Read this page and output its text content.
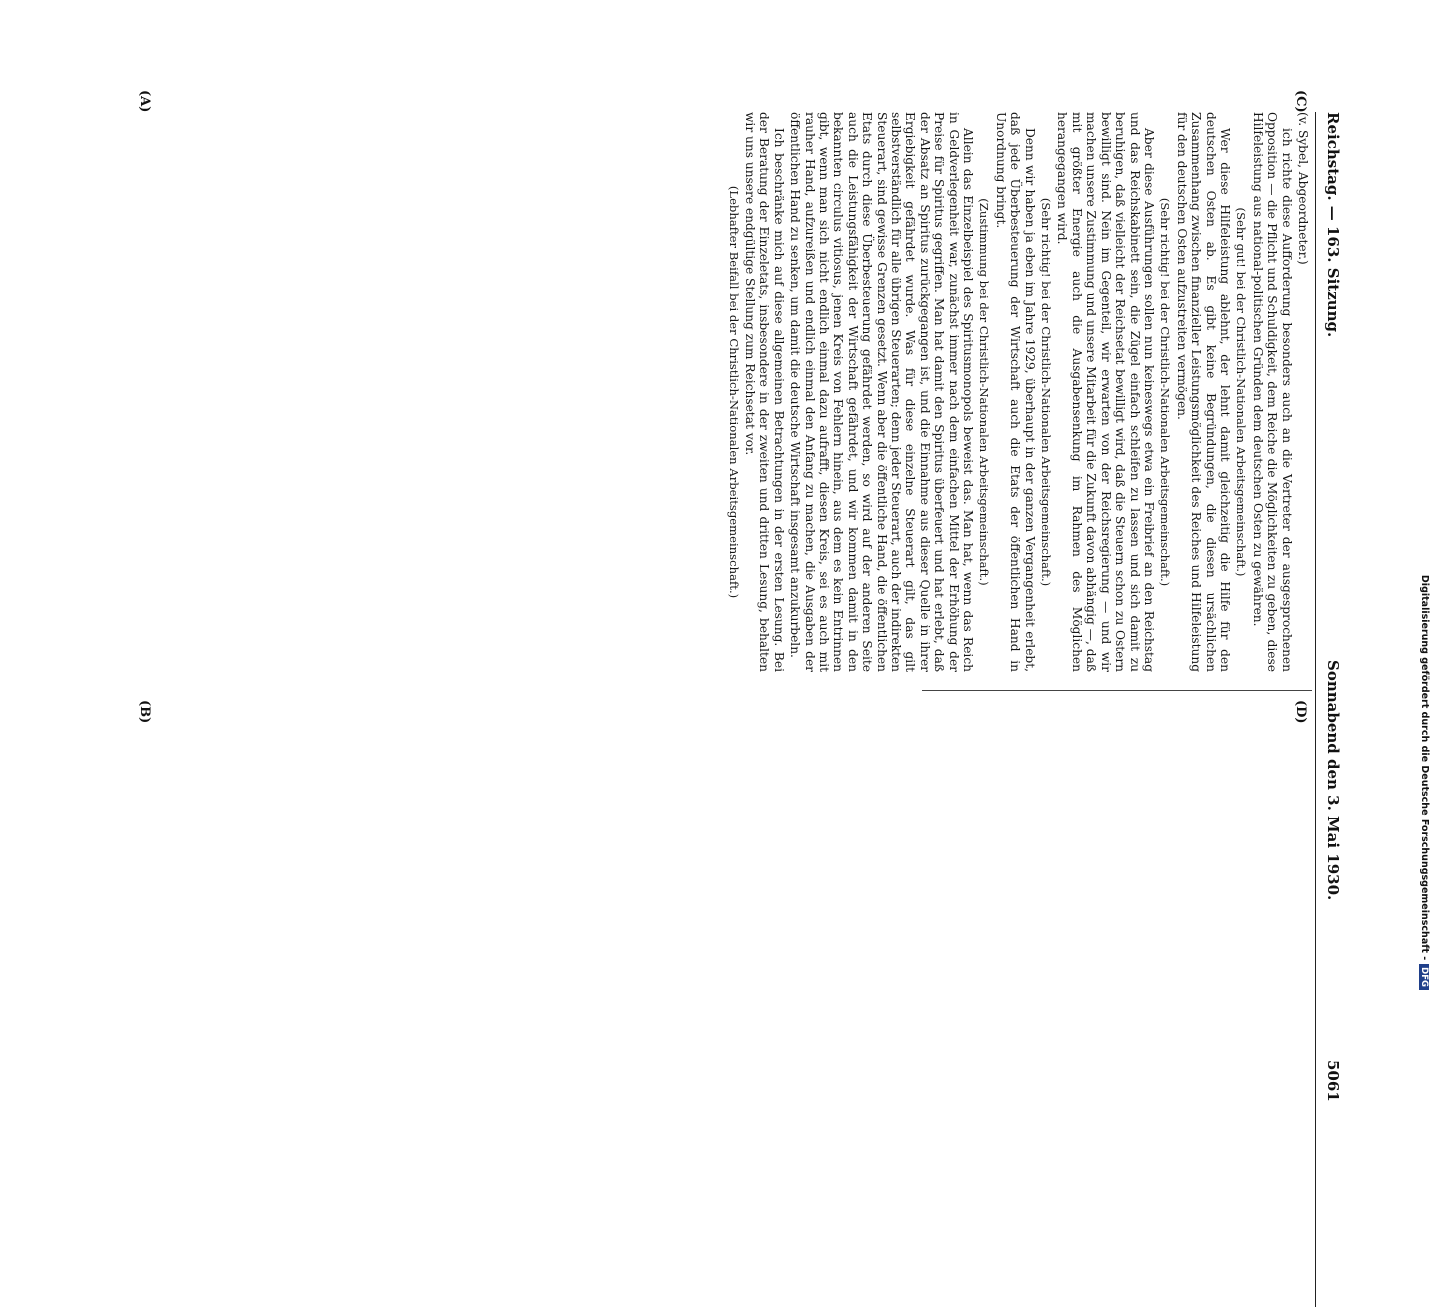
Reichstag. — 163. Sitzung.
Sonnabend den 3. Mai 1930.
5061
(A)
(B)
(C)
(D)

(v. Sybel, Abgeordneter.)

ich richte diese Aufforderung besonders auch an die Vertreter der ausgesprochenen Opposition — die Pflicht und Schuldigkeit, dem Reiche die Möglichkeiten zu geben, diese Hilfeleistung aus national-politischen Gründen dem deutschen Osten zu gewähren.

(Sehr gut! bei der Christlich-Nationalen Arbeitsgemeinschaft.)

Wer diese Hilfeleistung ablehnt, der lehnt damit gleichzeitig die Hilfe für den deutschen Osten ab. Es gibt keine Begründungen, die diesen ursächlichen Zusammenhang zwischen finanzieller Leistungsmöglichkeit des Reiches und Hilfeleistung für den deutschen Osten aufzustreiten vermögen.

(Sehr richtig! bei der Christlich-Nationalen Arbeitsgemeinschaft.)

Aber diese Ausführungen sollen nun keineswegs etwa ein Freibrief an den Reichstag und das Reichskabinett sein, die Zügel einfach schleifen zu lassen und sich damit zu beruhigen, daß vielleicht der Reichsetat bewilligt wird, daß die Steuern schon zu Ostern bewilligt sind. Nein im Gegenteil, wir erwarten von der Reichsregierung — und wir machen unsere Zustimmung und unsere Mitarbeit für die Zukunft davon abhängig —, daß mit größter Energie auch die Ausgabensenkung im Rahmen des Möglichen herangegangen wird.

(Sehr richtig! bei der Christlich-Nationalen Arbeitsgemeinschaft.)

Denn wir haben ja eben im Jahre 1929, überhaupt in der ganzen Vergangenheit erlebt, daß jede Überbesteuerung der Wirtschaft auch die Etats der öffentlichen Hand in Unordnung bringt.

(Zustimmung bei der Christlich-Nationalen Arbeitsgemeinschaft.)

Allein das Einzelbeispiel des Spiritusmonopols beweist das. Man hat, wenn das Reich in Geldverlegenheit war, zunächst immer nach dem einfachen Mittel der Erhöhung der Preise für Spiritus gegriffen. Man hat damit den Spiritus überfeuert und hat erlebt, daß der Absatz an Spiritus zurückgegangen ist, und die Einnahme aus dieser Quelle in ihrer Ergiebigkeit gefährdet wurde. Was für diese einzelne Steuerart gilt, das gilt selbstverständlich für alle übrigen Steuerarten; denn jeder Steuerart, auch der indirekten Steuerart, sind gewisse Grenzen gesetzt. Wenn aber die öffentliche Hand, die öffentlichen Etats durch diese Überbesteuerung gefährdet werden, so wird auf der anderen Seite auch die Leistungsfähigkeit der Wirtschaft gefährdet, und wir kommen damit in den bekannten circulus vitiosus, jenen Kreis von Fehlern hinein, aus dem es kein Entrinnen gibt, wenn man sich nicht endlich einmal dazu aufrafft, diesen Kreis, sei es auch mit rauher Hand, aufzureißen und endlich einmal den Anfang zu machen, die Ausgaben der öffentlichen Hand zu senken, um damit die deutsche Wirtschaft insgesamt anzukurbeln.

Ich beschränke mich auf diese allgemeinen Betrachtungen in der ersten Lesung. Bei der Beratung der Einzeletats, insbesondere in der zweiten und dritten Lesung, behalten wir uns unsere endgültige Stellung zum Reichsetat vor.

(Lebhafter Beifall bei der Christlich-Nationalen Arbeitsgemeinschaft.)

Digitalisierung gefördert durch die Deutsche Forschungsgemeinschaft -DFG
